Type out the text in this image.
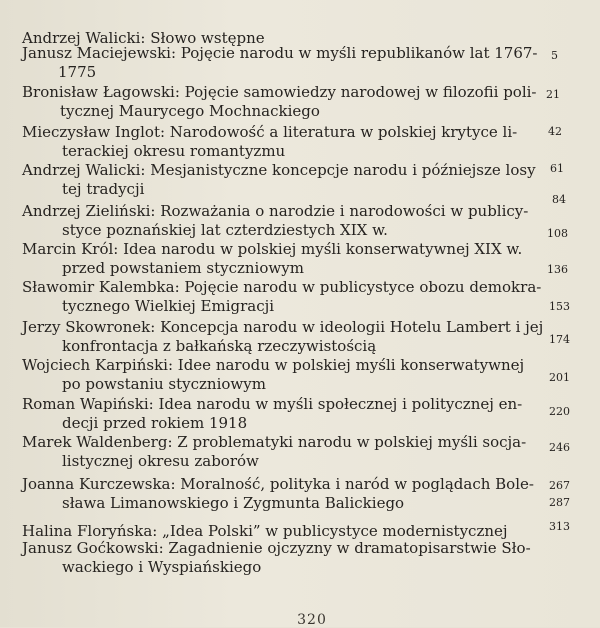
Andrzej Walicki: Słowo wstępne
Janusz Maciejewski: Pojęcie narodu w myśli republikanów lat 1767-
1775
5
Bronisław Łagowski: Pojęcie samowiedzy narodowej w filozofii poli-
tycznej Maurycego Mochnackiego
21
Mieczysław Inglot: Narodowość a literatura w polskiej krytyce li-
terackiej okresu romantyzmu
42
Andrzej Walicki: Mesjanistyczne koncepcje narodu i późniejsze losy
tej tradycji
61
Andrzej Zieliński: Rozważania o narodzie i narodowości w publicy-
styce poznańskiej lat czterdziestych XIX w.
84
Marcin Król: Idea narodu w polskiej myśli konserwatywnej XIX w.
przed powstaniem styczniowym
108
Sławomir Kalembka: Pojęcie narodu w publicystyce obozu demokra-
tycznego Wielkiej Emigracji
136
Jerzy Skowronek: Koncepcja narodu w ideologii Hotelu Lambert i jej
konfrontacja z bałkańską rzeczywistością
153
Wojciech Karpiński: Idee narodu w polskiej myśli konserwatywnej
po powstaniu styczniowym
174
Roman Wapiński: Idea narodu w myśli społecznej i politycznej en-
decji przed rokiem 1918
201
Marek Waldenberg: Z problematyki narodu w polskiej myśli socja-
listycznej okresu zaborów
220
Joanna Kurczewska: Moralność, polityka i naród w poglądach Bole-
sława Limanowskiego i Zygmunta Balickiego
246
Halina Floryńska: „Idea Polski” w publicystyce modernistycznej
267
Janusz Goćkowski: Zagadnienie ojczyzny w dramatopisarstwie Sło-
wackiego i Wyspiańskiego
287
313
320
